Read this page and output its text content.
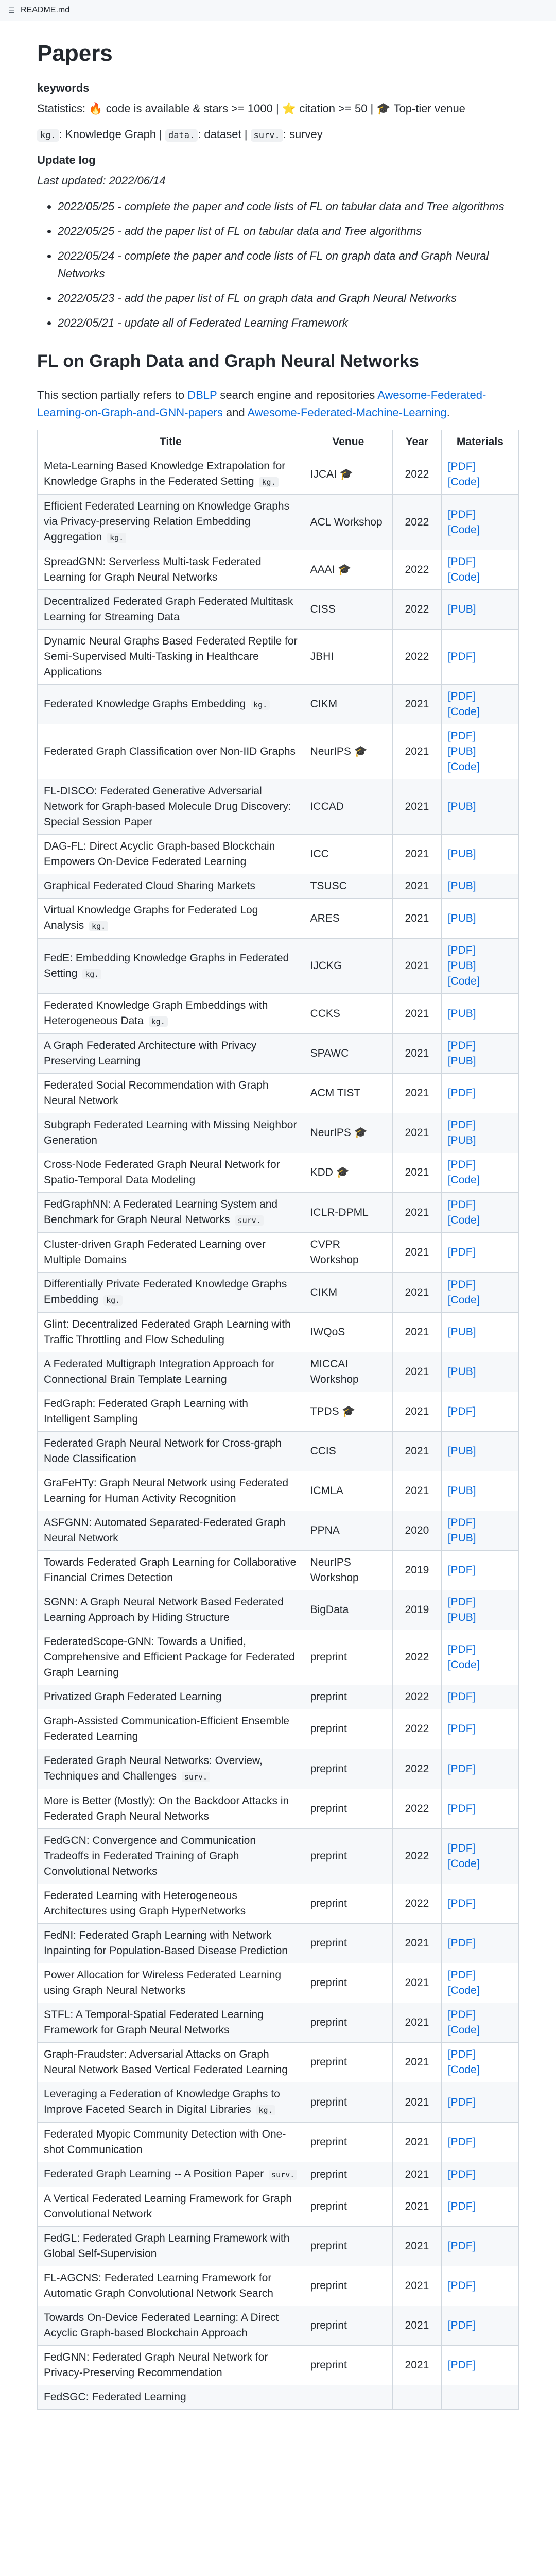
☰ README.md
Papers
keywords

Statistics: 🔥 code is available & stars >= 1000 | ⭐ citation >= 50 | 🎓 Top-tier venue

kg. : Knowledge Graph | data. : dataset | surv. : survey

Update log

Last updated: 2022/06/14

• 2022/05/25 - complete the paper and code lists of FL on tabular data and Tree algorithms
• 2022/05/25 - add the paper list of FL on tabular data and Tree algorithms
• 2022/05/24 - complete the paper and code lists of FL on graph data and Graph Neural Networks
• 2022/05/23 - add the paper list of FL on graph data and Graph Neural Networks
• 2022/05/21 - update all of Federated Learning Framework
FL on Graph Data and Graph Neural Networks

This section partially refers to DBLP search engine and repositories Awesome-Federated-Learning-on-Graph-and-GNN-papers and Awesome-Federated-Machine-Learning.

Title	Venue	Year	Materials
Meta-Learning Based Knowledge Extrapolation for Knowledge Graphs in the Federated Setting kg.	IJCAI 🎓	2022	[PDF]
[Code]

Efficient Federated Learning on Knowledge Graphs via Privacy-preserving Relation Embedding Aggregation kg.	ACL Workshop	2022	[PDF]
[Code]

SpreadGNN: Serverless Multi-task Federated Learning for Graph Neural Networks	AAAI 🎓	2022	[PDF]
[Code]

Decentralized Federated Graph Federated Multitask Learning for Streaming Data	CISS	2022	[PUB]

Dynamic Neural Graphs Based Federated Reptile for Semi-Supervised Multi-Tasking in Healthcare Applications	JBHI	2022	[PDF]

Federated Knowledge Graphs Embedding kg.	CIKM	2021	[PDF]
[Code]

Federated Graph Classification over Non-IID Graphs	NeurIPS 🎓	2021	[PDF]
[PUB]
[Code]

FL-DISCO: Federated Generative Adversarial Network for Graph-based Molecule Drug Discovery: Special Session Paper	ICCAD	2021	[PUB]

DAG-FL: Direct Acyclic Graph-based Blockchain Empowers On-Device Federated Learning	ICC	2021	[PUB]

Graphical Federated Cloud Sharing Markets	TSUSC	2021	[PUB]

Virtual Knowledge Graphs for Federated Log Analysis kg.	ARES	2021	[PUB]

FedE: Embedding Knowledge Graphs in Federated Setting kg.	IJCKG	2021	[PDF]
[PUB]
[Code]

Federated Knowledge Graph Embeddings with Heterogeneous Data kg.	CCKS	2021	[PUB]

A Graph Federated Architecture with Privacy Preserving Learning	SPAWC	2021	[PDF]
[PUB]

Federated Social Recommendation with Graph Neural Network	ACM TIST	2021	[PDF]

Subgraph Federated Learning with Missing Neighbor Generation	NeurIPS 🎓	2021	[PDF]
[PUB]

Cross-Node Federated Graph Neural Network for Spatio-Temporal Data Modeling	KDD 🎓	2021	[PDF]
[Code]

FedGraphNN: A Federated Learning System and Benchmark for Graph Neural Networks surv.	ICLR-DPML	2021	[PDF]
[Code]

Cluster-driven Graph Federated Learning over Multiple Domains	CVPR Workshop	2021	[PDF]

Differentially Private Federated Knowledge Graphs Embedding kg.	CIKM	2021	[PDF]
[Code]

Glint: Decentralized Federated Graph Learning with Traffic Throttling and Flow Scheduling	IWQoS	2021	[PUB]

A Federated Multigraph Integration Approach for Connectional Brain Template Learning	MICCAI Workshop	2021	[PUB]

FedGraph: Federated Graph Learning with Intelligent Sampling	TPDS 🎓	2021	[PDF]

Federated Graph Neural Network for Cross-graph Node Classification	CCIS	2021	[PUB]

GraFeHTy: Graph Neural Network using Federated Learning for Human Activity Recognition	ICMLA	2021	[PUB]

ASFGNN: Automated Separated-Federated Graph Neural Network	PPNA	2020	[PDF]
[PUB]

Towards Federated Graph Learning for Collaborative Financial Crimes Detection	NeurIPS Workshop	2019	[PDF]

SGNN: A Graph Neural Network Based Federated Learning Approach by Hiding Structure	BigData	2019	[PDF]
[PUB]

FederatedScope-GNN: Towards a Unified, Comprehensive and Efficient Package for Federated Graph Learning	preprint	2022	[PDF]
[Code]

Privatized Graph Federated Learning	preprint	2022	[PDF]

Graph-Assisted Communication-Efficient Ensemble Federated Learning	preprint	2022	[PDF]

Federated Graph Neural Networks: Overview, Techniques and Challenges surv.	preprint	2022	[PDF]

More is Better (Mostly): On the Backdoor Attacks in Federated Graph Neural Networks	preprint	2022	[PDF]

FedGCN: Convergence and Communication Tradeoffs in Federated Training of Graph Convolutional Networks	preprint	2022	[PDF]
[Code]

Federated Learning with Heterogeneous Architectures using Graph HyperNetworks	preprint	2022	[PDF]

FedNI: Federated Graph Learning with Network Inpainting for Population-Based Disease Prediction	preprint	2021	[PDF]

Power Allocation for Wireless Federated Learning using Graph Neural Networks	preprint	2021	[PDF]
[Code]

STFL: A Temporal-Spatial Federated Learning Framework for Graph Neural Networks	preprint	2021	[PDF]
[Code]

Graph-Fraudster: Adversarial Attacks on Graph Neural Network Based Vertical Federated Learning	preprint	2021	[PDF]
[Code]

Leveraging a Federation of Knowledge Graphs to Improve Faceted Search in Digital Libraries kg.	preprint	2021	[PDF]

Federated Myopic Community Detection with One-shot Communication	preprint	2021	[PDF]

Federated Graph Learning -- A Position Paper surv.	preprint	2021	[PDF]

A Vertical Federated Learning Framework for Graph Convolutional Network	preprint	2021	[PDF]

FedGL: Federated Graph Learning Framework with Global Self-Supervision	preprint	2021	[PDF]

FL-AGCNS: Federated Learning Framework for Automatic Graph Convolutional Network Search	preprint	2021	[PDF]

Towards On-Device Federated Learning: A Direct Acyclic Graph-based Blockchain Approach	preprint	2021	[PDF]

FedGNN: Federated Graph Neural Network for Privacy-Preserving Recommendation	preprint	2021	[PDF]

FedSGC: Federated Learning			
